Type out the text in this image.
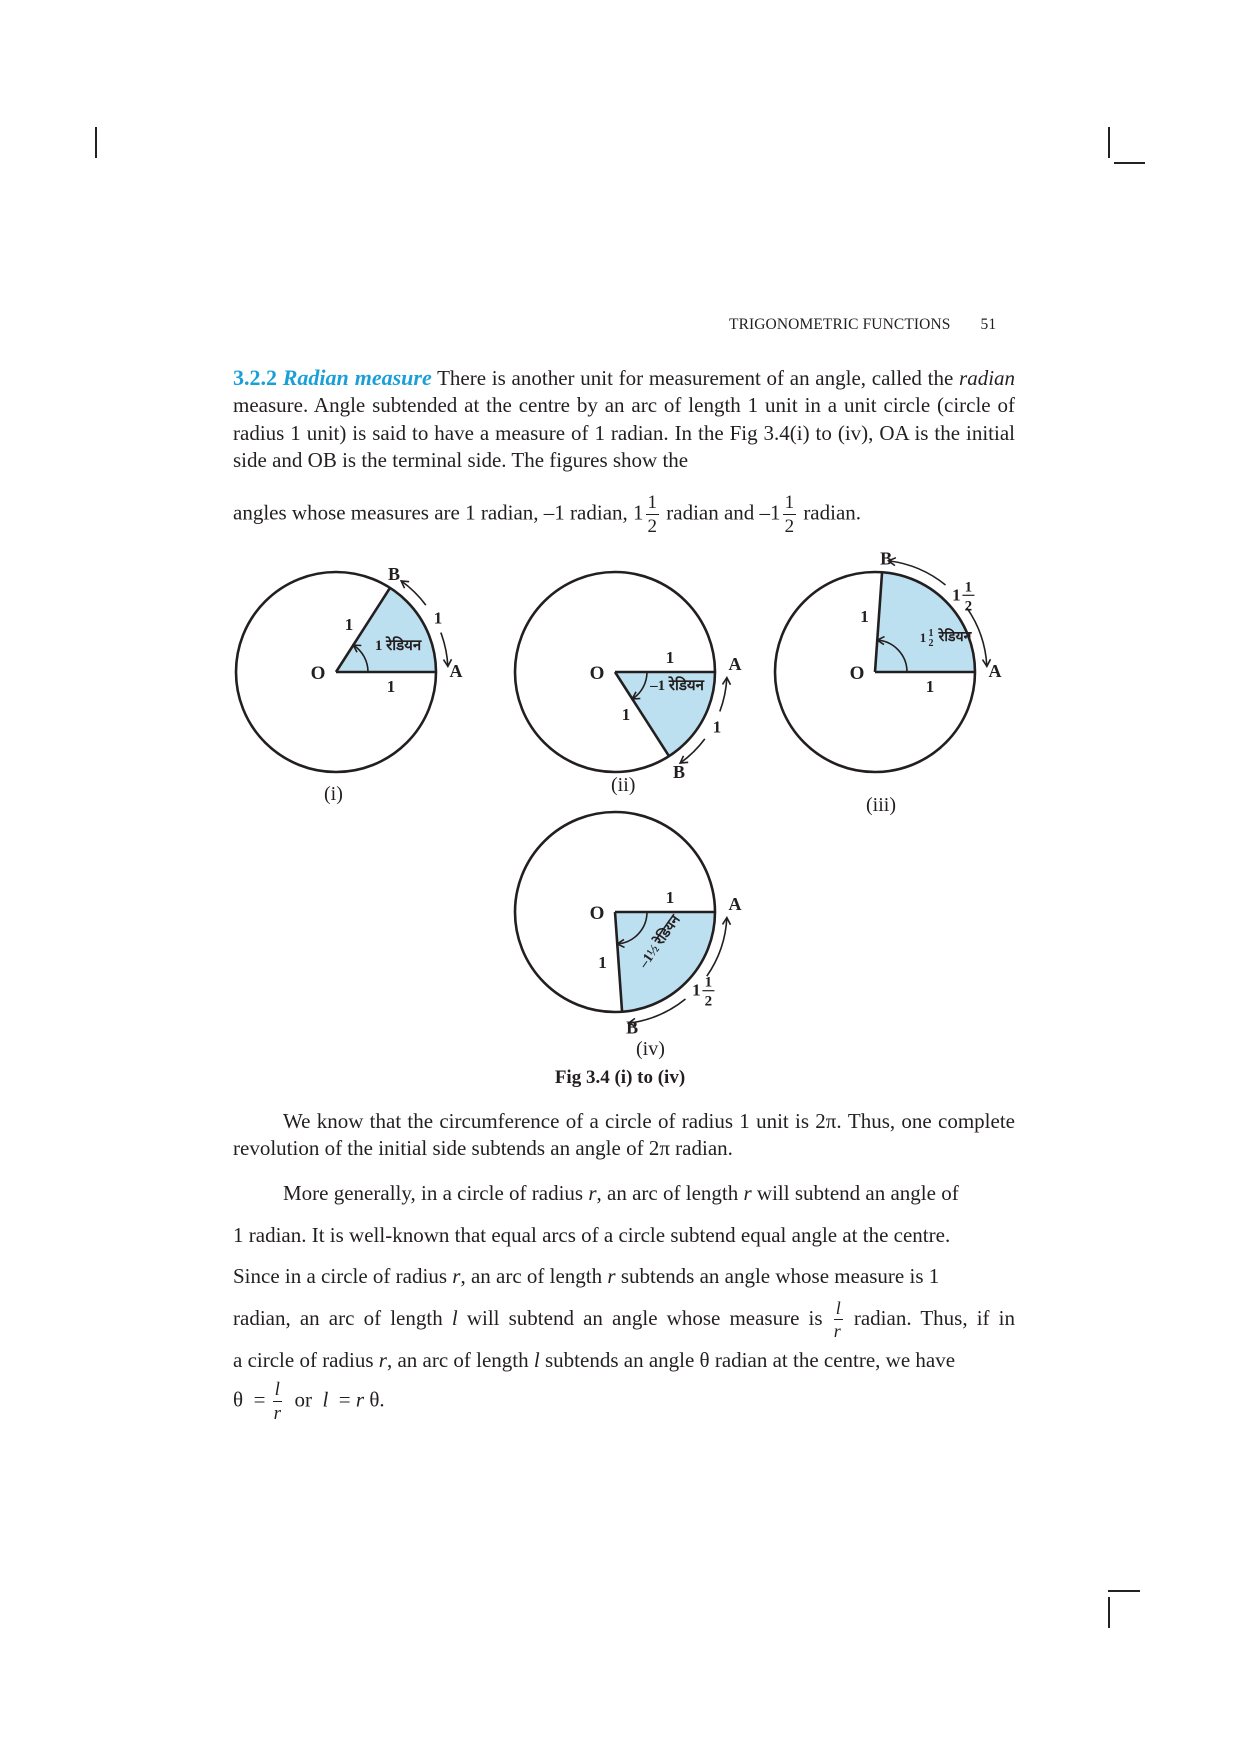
TRIGONOMETRIC FUNCTIONS 51
3.2.2 Radian measure There is another unit for measurement of an angle, called the radian measure. Angle subtended at the centre by an arc of length 1 unit in a unit circle (circle of radius 1 unit) is said to have a measure of 1 radian. In the Fig 3.4(i) to (iv), OA is the initial side and OB is the terminal side. The figures show the
angles whose measures are 1 radian, –1 radian, $1 \frac{1}{2}$ radian and $-1 \frac{1}{2}$ radian.
O	A
B
1
1	1
1 रेडियन
O	A
B
1
1
1
–1 रेडियन
O	A
B
1
1
1 1
2
1 1
2 रेडियन
O	A
B
1
1
1 1
2
–1½ रेडियन
(i)	(ii)
(iii)
(iv)
Fig 3.4 (i) to (iv)
We know that the circumference of a circle of radius 1 unit is 2π. Thus, one complete revolution of the initial side subtends an angle of 2π radian.
More generally, in a circle of radius r, an arc of length r will subtend an angle of
1 radian. It is well-known that equal arcs of a circle subtend equal angle at the centre.
Since in a circle of radius r, an arc of length r subtends an angle whose measure is 1
radian, an arc of length l will subtend an angle whose measure is $\frac{l}{r}$ radian. Thus, if in
a circle of radius r, an arc of length l subtends an angle θ radian at the centre, we have
$\theta = \frac{l}{r}$ or l = r θ.
